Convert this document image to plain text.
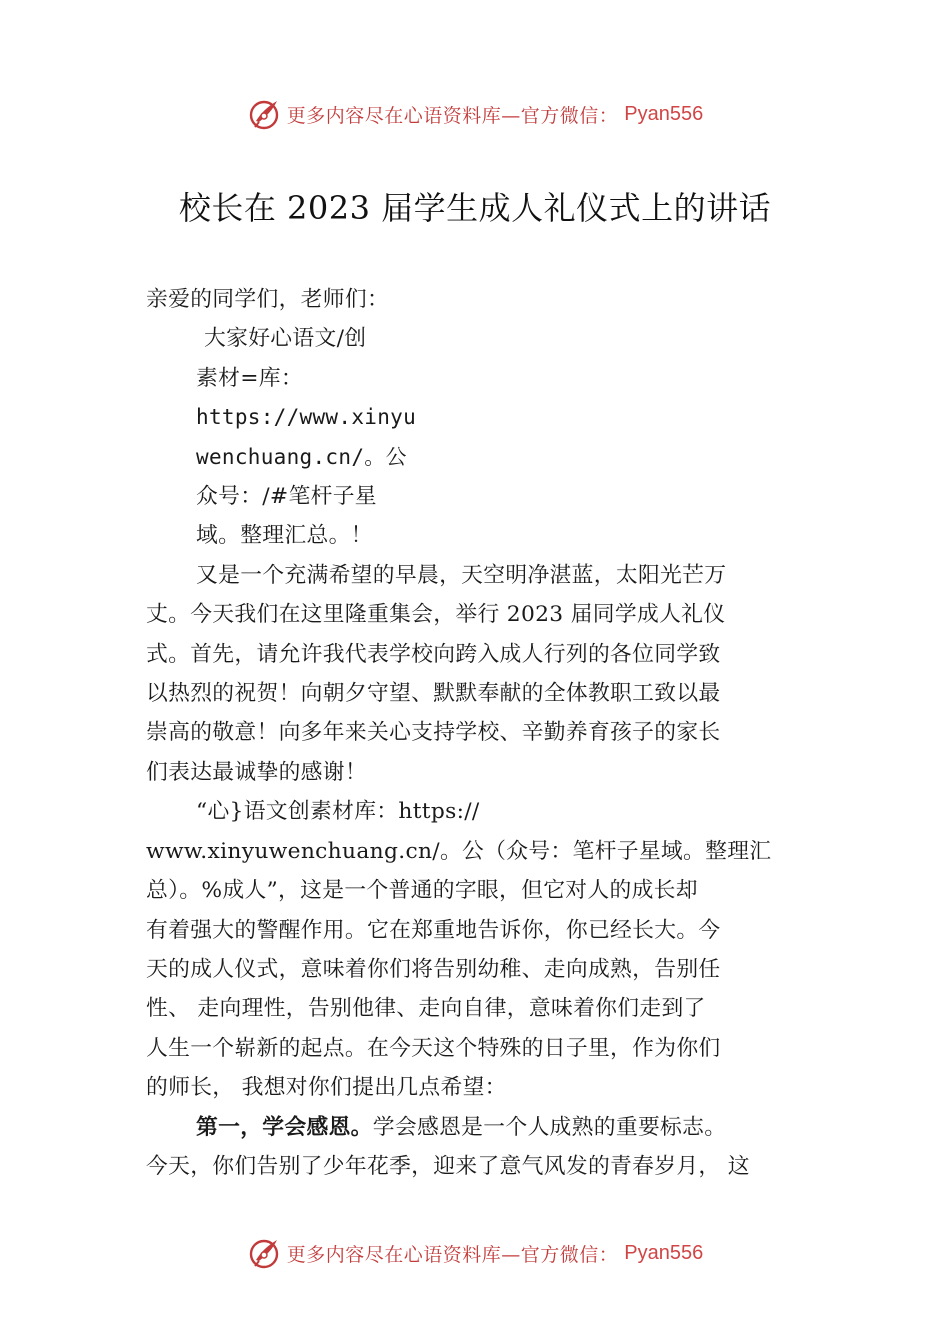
更多内容尽在心语资料库—官方微信： Pyan556
校长在 2023 届学生成人礼仪式上的讲话

亲爱的同学们，老师们：

大家好心语文/创

素材=库：

https://www.xinyu

wenchuang.cn/。公

众号：/#笔杆子星

域。整理汇总。！

又是一个充满希望的早晨，天空明净湛蓝，太阳光芒万

丈。今天我们在这里隆重集会，举行 2023 届同学成人礼仪

式。首先，请允许我代表学校向跨入成人行列的各位同学致

以热烈的祝贺！向朝夕守望、默默奉献的全体教职工致以最

崇高的敬意！向多年来关心支持学校、辛勤养育孩子的家长

们表达最诚挚的感谢！

“心}语文创素材库：https://

www.xinyuwenchuang.cn/。公（众号：笔杆子星域。整理汇

总）。%成人”，这是一个普通的字眼，但它对人的成长却

有着强大的警醒作用。它在郑重地告诉你，你已经长大。今

天的成人仪式，意味着你们将告别幼稚、走向成熟，告别任

性、 走向理性，告别他律、走向自律，意味着你们走到了

人生一个崭新的起点。在今天这个特殊的日子里，作为你们

的师长， 我想对你们提出几点希望：

第一，学会感恩。学会感恩是一个人成熟的重要标志。

今天，你们告别了少年花季，迎来了意气风发的青春岁月， 这

更多内容尽在心语资料库—官方微信： Pyan556
